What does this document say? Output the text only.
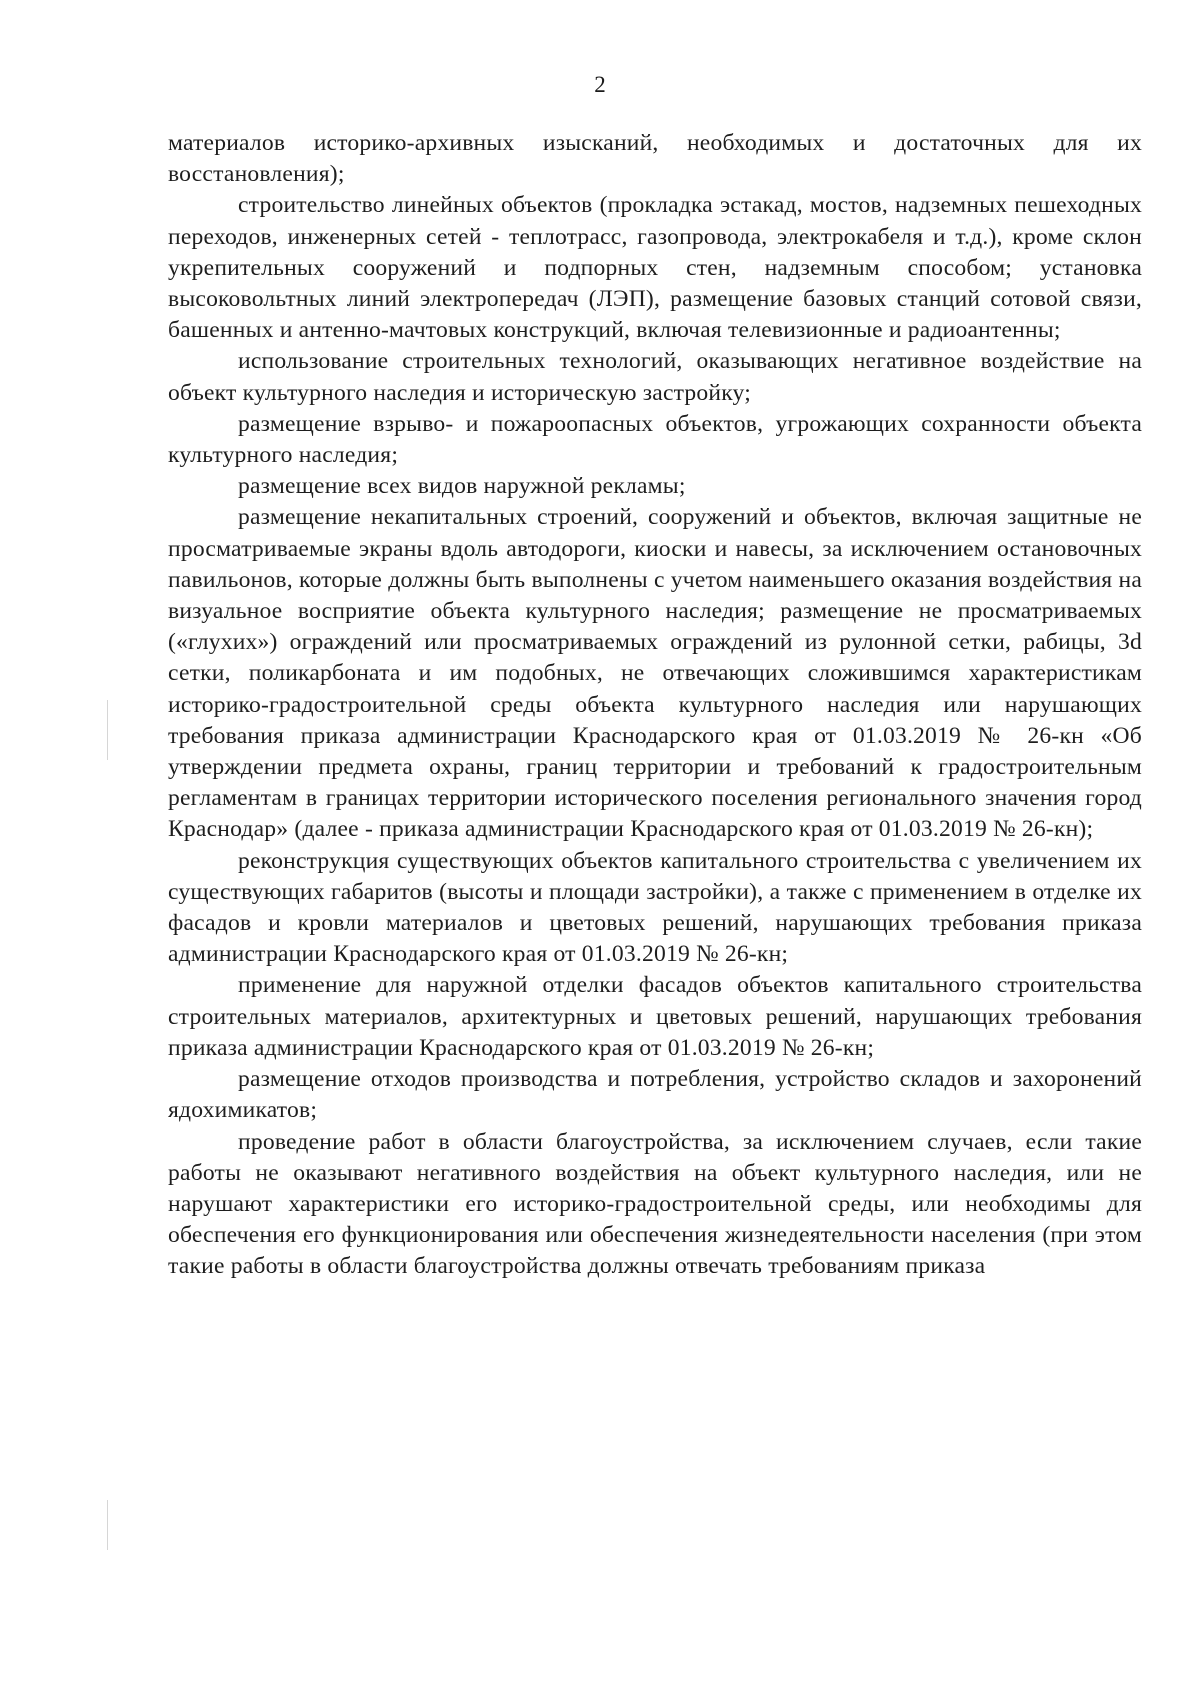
2

материалов историко-архивных изысканий, необходимых и достаточных для их восстановления);

строительство линейных объектов (прокладка эстакад, мостов, надземных пешеходных переходов, инженерных сетей - теплотрасс, газопровода, электрокабеля и т.д.), кроме склон укрепительных сооружений и подпорных стен, надземным способом; установка высоковольтных линий электропередач (ЛЭП), размещение базовых станций сотовой связи, башенных и антенно-мачтовых конструкций, включая телевизионные и радиоантенны;

использование строительных технологий, оказывающих негативное воздействие на объект культурного наследия и историческую застройку;

размещение взрыво- и пожароопасных объектов, угрожающих сохранности объекта культурного наследия;

размещение всех видов наружной рекламы;

размещение некапитальных строений, сооружений и объектов, включая защитные не просматриваемые экраны вдоль автодороги, киоски и навесы, за исключением остановочных павильонов, которые должны быть выполнены с учетом наименьшего оказания воздействия на визуальное восприятие объекта культурного наследия; размещение не просматриваемых («глухих») ограждений или просматриваемых ограждений из рулонной сетки, рабицы, 3d сетки, поликарбоната и им подобных, не отвечающих сложившимся характеристикам историко-градостроительной среды объекта культурного наследия или нарушающих требования приказа администрации Краснодарского края от 01.03.2019 № 26-кн «Об утверждении предмета охраны, границ территории и требований к градостроительным регламентам в границах территории исторического поселения регионального значения город Краснодар» (далее - приказа администрации Краснодарского края от 01.03.2019 № 26-кн);

реконструкция существующих объектов капитального строительства с увеличением их существующих габаритов (высоты и площади застройки), а также с применением в отделке их фасадов и кровли материалов и цветовых решений, нарушающих требования приказа администрации Краснодарского края от 01.03.2019 № 26-кн;

применение для наружной отделки фасадов объектов капитального строительства строительных материалов, архитектурных и цветовых решений, нарушающих требования приказа администрации Краснодарского края от 01.03.2019 № 26-кн;

размещение отходов производства и потребления, устройство складов и захоронений ядохимикатов;

проведение работ в области благоустройства, за исключением случаев, если такие работы не оказывают негативного воздействия на объект культурного наследия, или не нарушают характеристики его историко-градостроительной среды, или необходимы для обеспечения его функционирования или обеспечения жизнедеятельности населения (при этом такие работы в области благоустройства должны отвечать требованиям приказа
